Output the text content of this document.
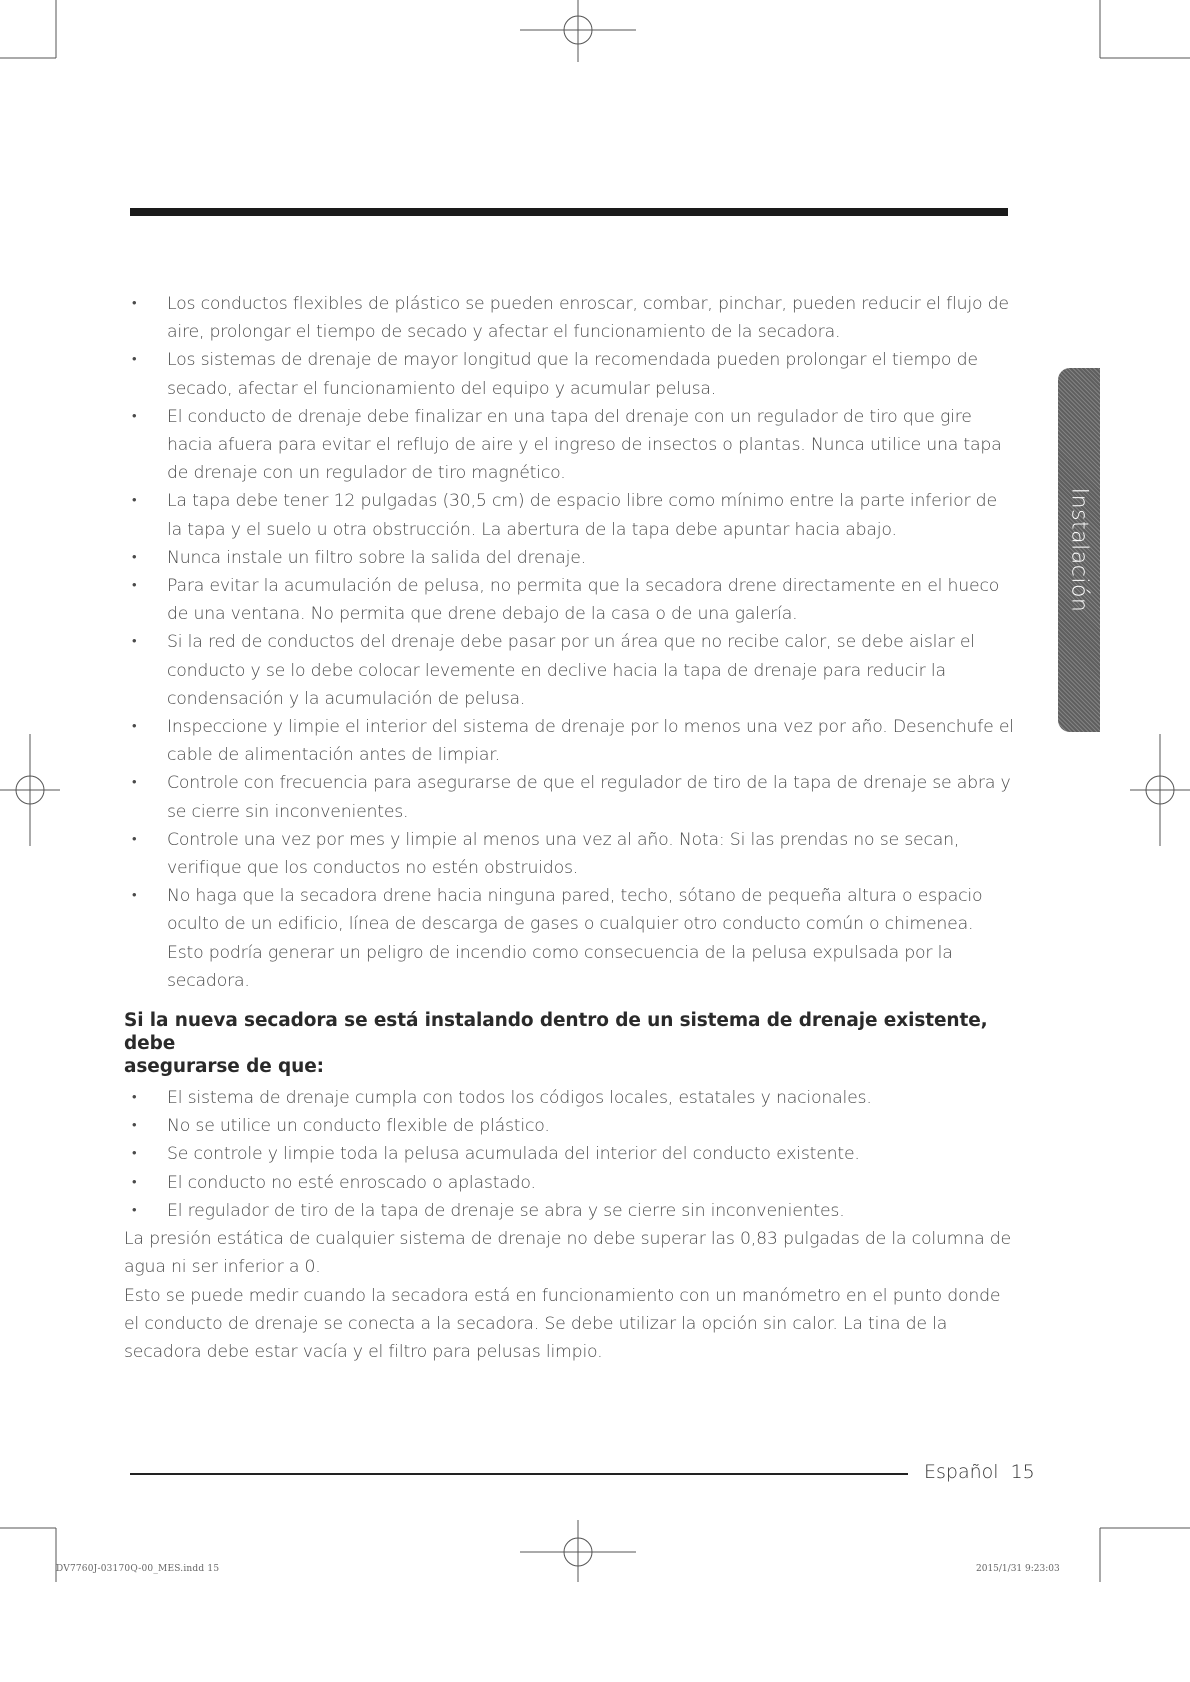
Instalación
• Los conductos flexibles de plástico se pueden enroscar, combar, pinchar, pueden reducir el flujo de aire, prolongar el tiempo de secado y afectar el funcionamiento de la secadora.
• Los sistemas de drenaje de mayor longitud que la recomendada pueden prolongar el tiempo de secado, afectar el funcionamiento del equipo y acumular pelusa.
• El conducto de drenaje debe finalizar en una tapa del drenaje con un regulador de tiro que gire hacia afuera para evitar el reflujo de aire y el ingreso de insectos o plantas. Nunca utilice una tapa de drenaje con un regulador de tiro magnético.
• La tapa debe tener 12 pulgadas (30,5 cm) de espacio libre como mínimo entre la parte inferior de la tapa y el suelo u otra obstrucción. La abertura de la tapa debe apuntar hacia abajo.
• Nunca instale un filtro sobre la salida del drenaje.
• Para evitar la acumulación de pelusa, no permita que la secadora drene directamente en el hueco de una ventana. No permita que drene debajo de la casa o de una galería.
• Si la red de conductos del drenaje debe pasar por un área que no recibe calor, se debe aislar el conducto y se lo debe colocar levemente en declive hacia la tapa de drenaje para reducir la condensación y la acumulación de pelusa.
• Inspeccione y limpie el interior del sistema de drenaje por lo menos una vez por año. Desenchufe el cable de alimentación antes de limpiar.
• Controle con frecuencia para asegurarse de que el regulador de tiro de la tapa de drenaje se abra y se cierre sin inconvenientes.
• Controle una vez por mes y limpie al menos una vez al año. Nota: Si las prendas no se secan, verifique que los conductos no estén obstruidos.
• No haga que la secadora drene hacia ninguna pared, techo, sótano de pequeña altura o espacio oculto de un edificio, línea de descarga de gases o cualquier otro conducto común o chimenea. Esto podría generar un peligro de incendio como consecuencia de la pelusa expulsada por la secadora.
Si la nueva secadora se está instalando dentro de un sistema de drenaje existente, debe
asegurarse de que:
• El sistema de drenaje cumpla con todos los códigos locales, estatales y nacionales.
• No se utilice un conducto flexible de plástico.
• Se controle y limpie toda la pelusa acumulada del interior del conducto existente.
• El conducto no esté enroscado o aplastado.
• El regulador de tiro de la tapa de drenaje se abra y se cierre sin inconvenientes.

La presión estática de cualquier sistema de drenaje no debe superar las 0,83 pulgadas de la columna de agua ni ser inferior a 0.

Esto se puede medir cuando la secadora está en funcionamiento con un manómetro en el punto donde el conducto de drenaje se conecta a la secadora. Se debe utilizar la opción sin calor. La tina de la secadora debe estar vacía y el filtro para pelusas limpio.

Español 15
DV7760J-03170Q-00_MES.indd 15	2015/1/31 9:23:03
